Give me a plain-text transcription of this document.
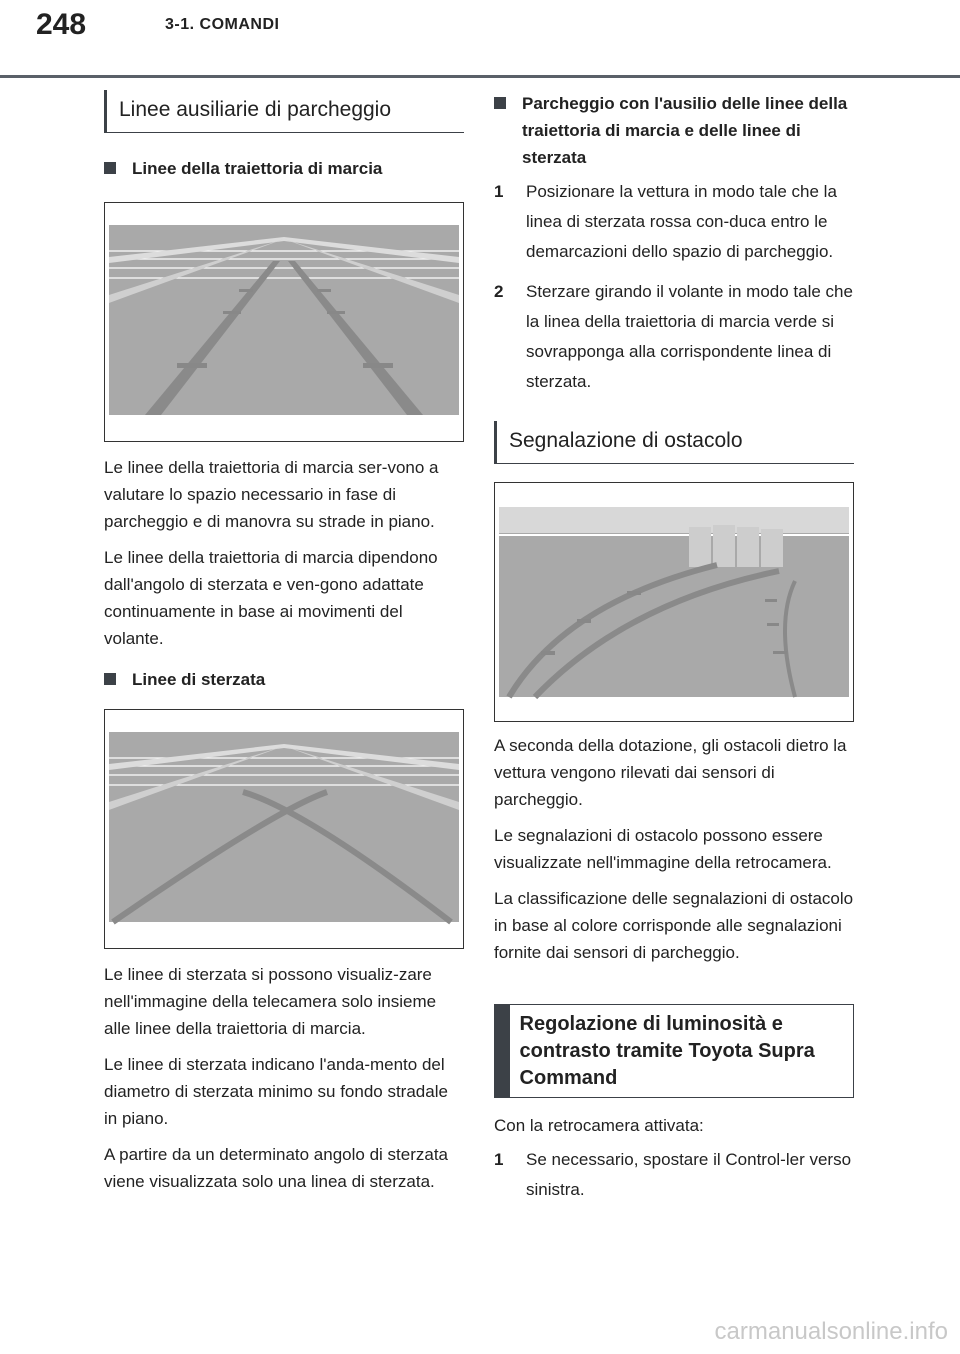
248	3-1. COMANDI
Linee ausiliarie di parcheggio
Linee della traiettoria di marcia

Le linee della traiettoria di marcia ser-vono a valutare lo spazio necessario in fase di parcheggio e di manovra su strade in piano.

Le linee della traiettoria di marcia dipendono dall'angolo di sterzata e ven-gono adattate continuamente in base ai movimenti del volante.

Linee di sterzata

Le linee di sterzata si possono visualiz-zare nell'immagine della telecamera solo insieme alle linee della traiettoria di marcia.

Le linee di sterzata indicano l'anda-mento del diametro di sterzata minimo su fondo stradale in piano.

A partire da un determinato angolo di sterzata viene visualizzata solo una linea di sterzata.

Parcheggio con l'ausilio delle linee della traiettoria di marcia e delle linee di sterzata
1 Posizionare la vettura in modo tale che la linea di sterzata rossa con-duca entro le demarcazioni dello spazio di parcheggio.
2 Sterzare girando il volante in modo tale che la linea della traiettoria di marcia verde si sovrapponga alla corrispondente linea di sterzata.
Segnalazione di ostacolo

A seconda della dotazione, gli ostacoli dietro la vettura vengono rilevati dai sensori di parcheggio.

Le segnalazioni di ostacolo possono essere visualizzate nell'immagine della retrocamera.

La classificazione delle segnalazioni di ostacolo in base al colore corrisponde alle segnalazioni fornite dai sensori di parcheggio.

Regolazione di luminosità e contrasto tramite Toyota Supra Command

Con la retrocamera attivata:

1 Se necessario, spostare il Control-ler verso sinistra.
carmanualsonline.info
